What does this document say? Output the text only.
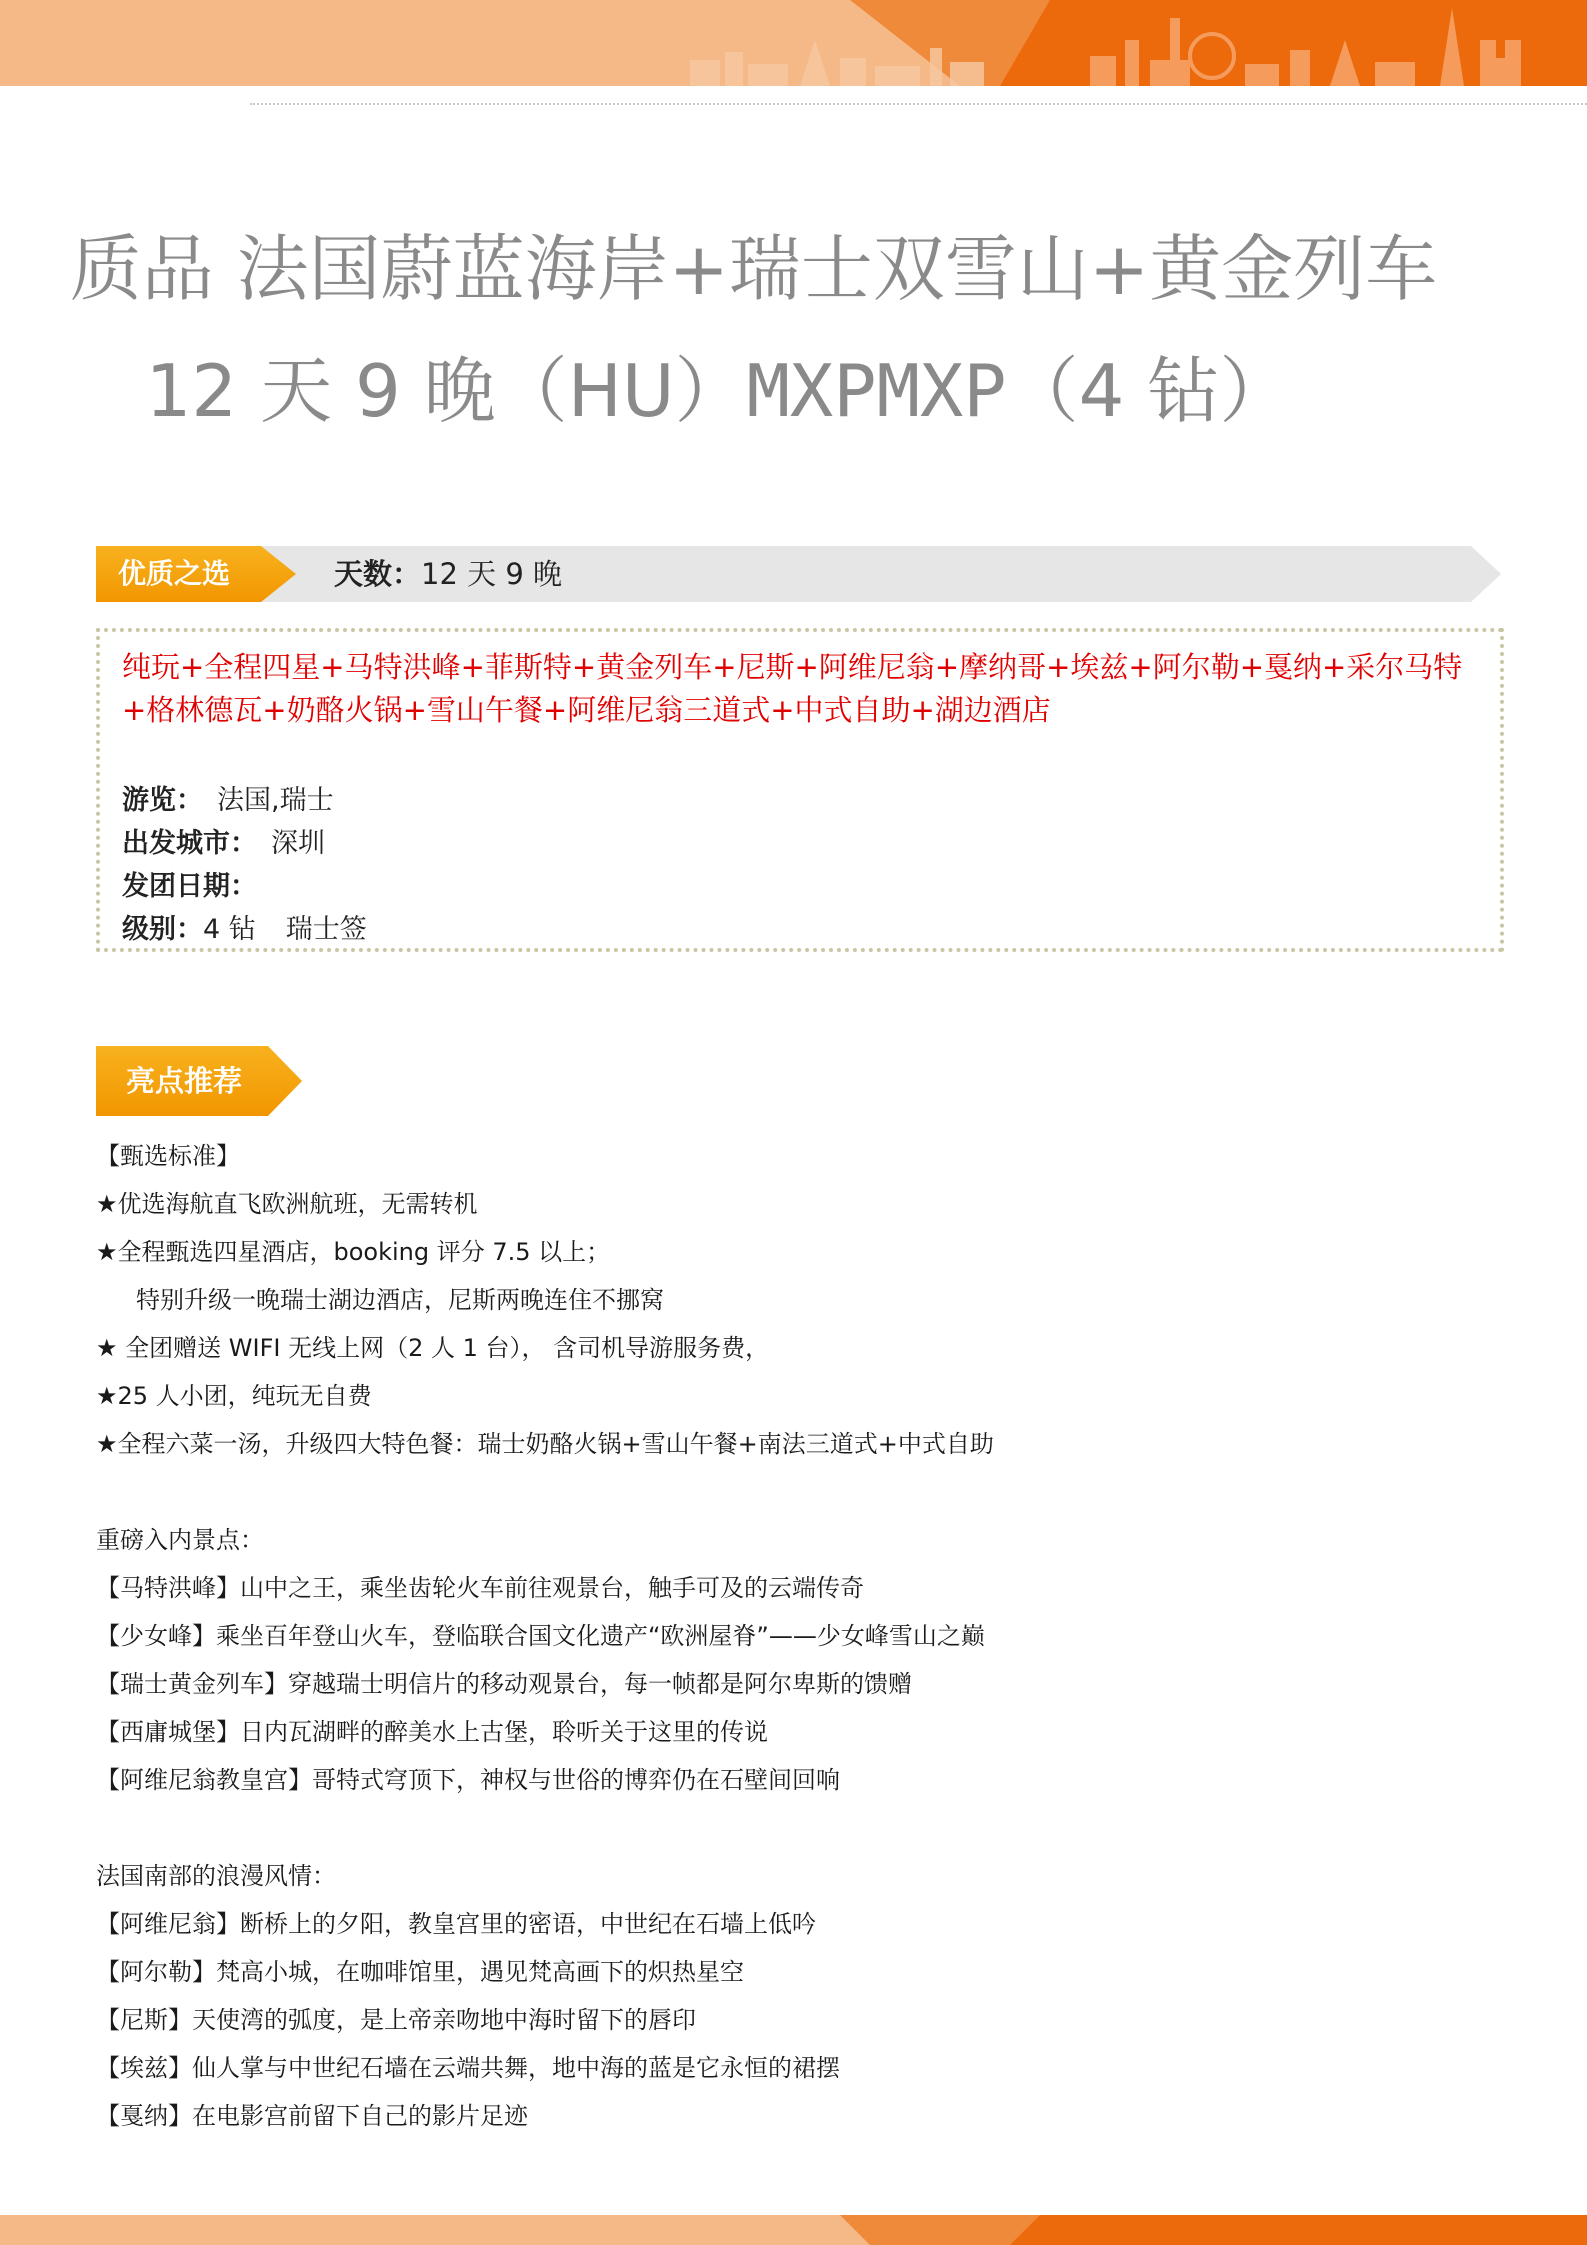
质品 法国蔚蓝海岸+瑞士双雪山+黄金列车
12 天 9 晚（HU）MXPMXP（4 钻）
优质之选	天数：12 天 9 晚
纯玩+全程四星+马特洪峰+菲斯特+黄金列车+尼斯+阿维尼翁+摩纳哥+埃兹+阿尔勒+戛纳+采尔马特+格林德瓦+奶酪火锅+雪山午餐+阿维尼翁三道式+中式自助+湖边酒店
游览： 法国,瑞士
出发城市： 深圳
发团日期：
级别：4 钻 瑞士签
亮点推荐
【甄选标准】
★优选海航直飞欧洲航班，无需转机
★全程甄选四星酒店，booking 评分 7.5 以上；
特别升级一晚瑞士湖边酒店，尼斯两晚连住不挪窝
★ 全团赠送 WIFI 无线上网（2 人 1 台）， 含司机导游服务费，
★25 人小团，纯玩无自费
★全程六菜一汤，升级四大特色餐：瑞士奶酪火锅+雪山午餐+南法三道式+中式自助
重磅入内景点：
【马特洪峰】山中之王，乘坐齿轮火车前往观景台，触手可及的云端传奇
【少女峰】乘坐百年登山火车，登临联合国文化遗产“欧洲屋脊”——少女峰雪山之巅
【瑞士黄金列车】穿越瑞士明信片的移动观景台，每一帧都是阿尔卑斯的馈赠
【西庸城堡】日内瓦湖畔的醉美水上古堡，聆听关于这里的传说
【阿维尼翁教皇宫】哥特式穹顶下，神权与世俗的博弈仍在石壁间回响
法国南部的浪漫风情：
【阿维尼翁】断桥上的夕阳，教皇宫里的密语，中世纪在石墙上低吟
【阿尔勒】梵高小城，在咖啡馆里，遇见梵高画下的炽热星空
【尼斯】天使湾的弧度，是上帝亲吻地中海时留下的唇印
【埃兹】仙人掌与中世纪石墙在云端共舞，地中海的蓝是它永恒的裙摆
【戛纳】在电影宫前留下自己的影片足迹
